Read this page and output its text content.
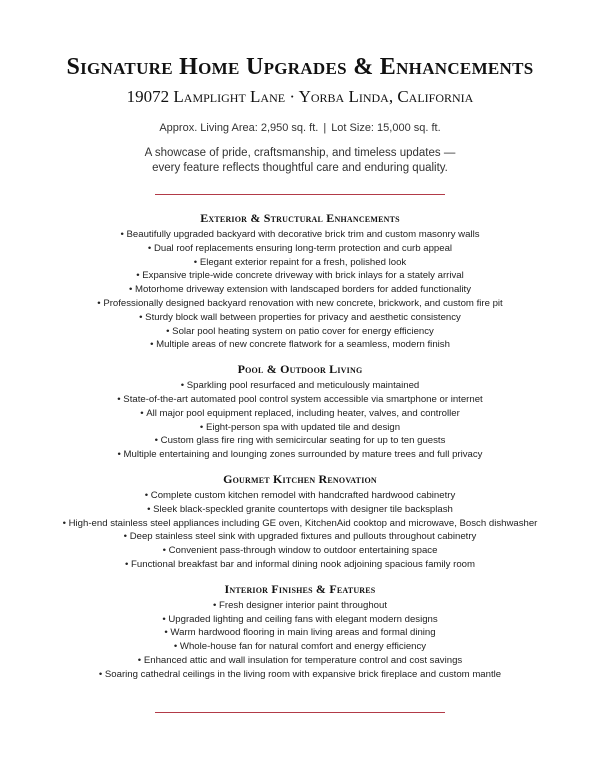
Signature Home Upgrades & Enhancements
19072 Lamplight Lane · Yorba Linda, California
Approx. Living Area: 2,950 sq. ft. | Lot Size: 15,000 sq. ft.
A showcase of pride, craftsmanship, and timeless updates —
every feature reflects thoughtful care and enduring quality.
Exterior & Structural Enhancements
• Beautifully upgraded backyard with decorative brick trim and custom masonry walls
• Dual roof replacements ensuring long-term protection and curb appeal
• Elegant exterior repaint for a fresh, polished look
• Expansive triple-wide concrete driveway with brick inlays for a stately arrival
• Motorhome driveway extension with landscaped borders for added functionality
• Professionally designed backyard renovation with new concrete, brickwork, and custom fire pit
• Sturdy block wall between properties for privacy and aesthetic consistency
• Solar pool heating system on patio cover for energy efficiency
• Multiple areas of new concrete flatwork for a seamless, modern finish
Pool & Outdoor Living
• Sparkling pool resurfaced and meticulously maintained
• State-of-the-art automated pool control system accessible via smartphone or internet
• All major pool equipment replaced, including heater, valves, and controller
• Eight-person spa with updated tile and design
• Custom glass fire ring with semicircular seating for up to ten guests
• Multiple entertaining and lounging zones surrounded by mature trees and full privacy
Gourmet Kitchen Renovation
• Complete custom kitchen remodel with handcrafted hardwood cabinetry
• Sleek black-speckled granite countertops with designer tile backsplash
• High-end stainless steel appliances including GE oven, KitchenAid cooktop and microwave, Bosch dishwasher
• Deep stainless steel sink with upgraded fixtures and pullouts throughout cabinetry
• Convenient pass-through window to outdoor entertaining space
• Functional breakfast bar and informal dining nook adjoining spacious family room
Interior Finishes & Features
• Fresh designer interior paint throughout
• Upgraded lighting and ceiling fans with elegant modern designs
• Warm hardwood flooring in main living areas and formal dining
• Whole-house fan for natural comfort and energy efficiency
• Enhanced attic and wall insulation for temperature control and cost savings
• Soaring cathedral ceilings in the living room with expansive brick fireplace and custom mantle
